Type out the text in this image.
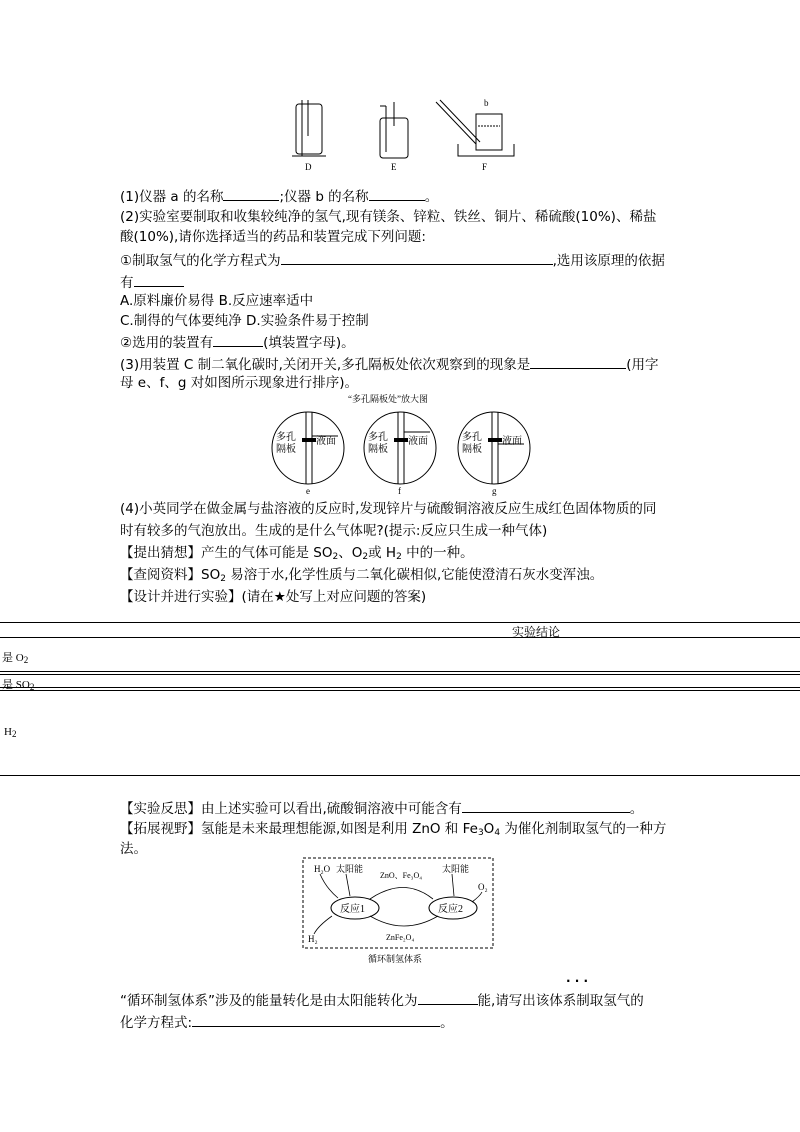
D	E
b
F
(1)仪器 a 的名称	;仪器 b 的名称	。
(2)实验室要制取和收集较纯净的氢气,现有镁条、锌粒、铁丝、铜片、稀硫酸(10%)、稀盐
酸(10%),请你选择适当的药品和装置完成下列问题:
①制取氢气的化学方程式为	,选用该原理的依据
有
A.原料廉价易得 B.反应速率适中
C.制得的气体要纯净 D.实验条件易于控制
②选用的装置有	(填装置字母)。
(3)用装置 C 制二氧化碳时,关闭开关,多孔隔板处依次观察到的现象是	(用字
母 e、f、g 对如图所示现象进行排序)。
“多孔隔板处”放大图
多孔
隔板
液面
e
多孔
隔板
液面
f
多孔
隔板
液面
g
(4)小英同学在做金属与盐溶液的反应时,发现锌片与硫酸铜溶液反应生成红色固体物质的同
时有较多的气泡放出。生成的是什么气体呢?(提示:反应只生成一种气体)
【提出猜想】产生的气体可能是 $SO_2$、$O_2$或 $H_2$ 中的一种。
【查阅资料】$SO_2$ 易溶于水,化学性质与二氧化碳相似,它能使澄清石灰水变浑浊。
【设计并进行实验】(请在★处写上对应问题的答案)
实验结论
是 $O_2$
是 $SO_2$
$H_2$
【实验反思】由上述实验可以看出,硫酸铜溶液中可能含有	。
【拓展视野】氢能是未来最理想能源,如图是利用 ZnO 和 $Fe_3O_4$ 为催化剂制取氢气的一种方
法。
反应1	反应2
H₂O 太阳能
ZnO、Fe₃O₄
太阳能
O₂
H₂	ZnFe₂O₄
循环制氢体系
· · ·
“循环制氢体系”涉及的能量转化是由太阳能转化为	能,请写出该体系制取氢气的
化学方程式:	。
